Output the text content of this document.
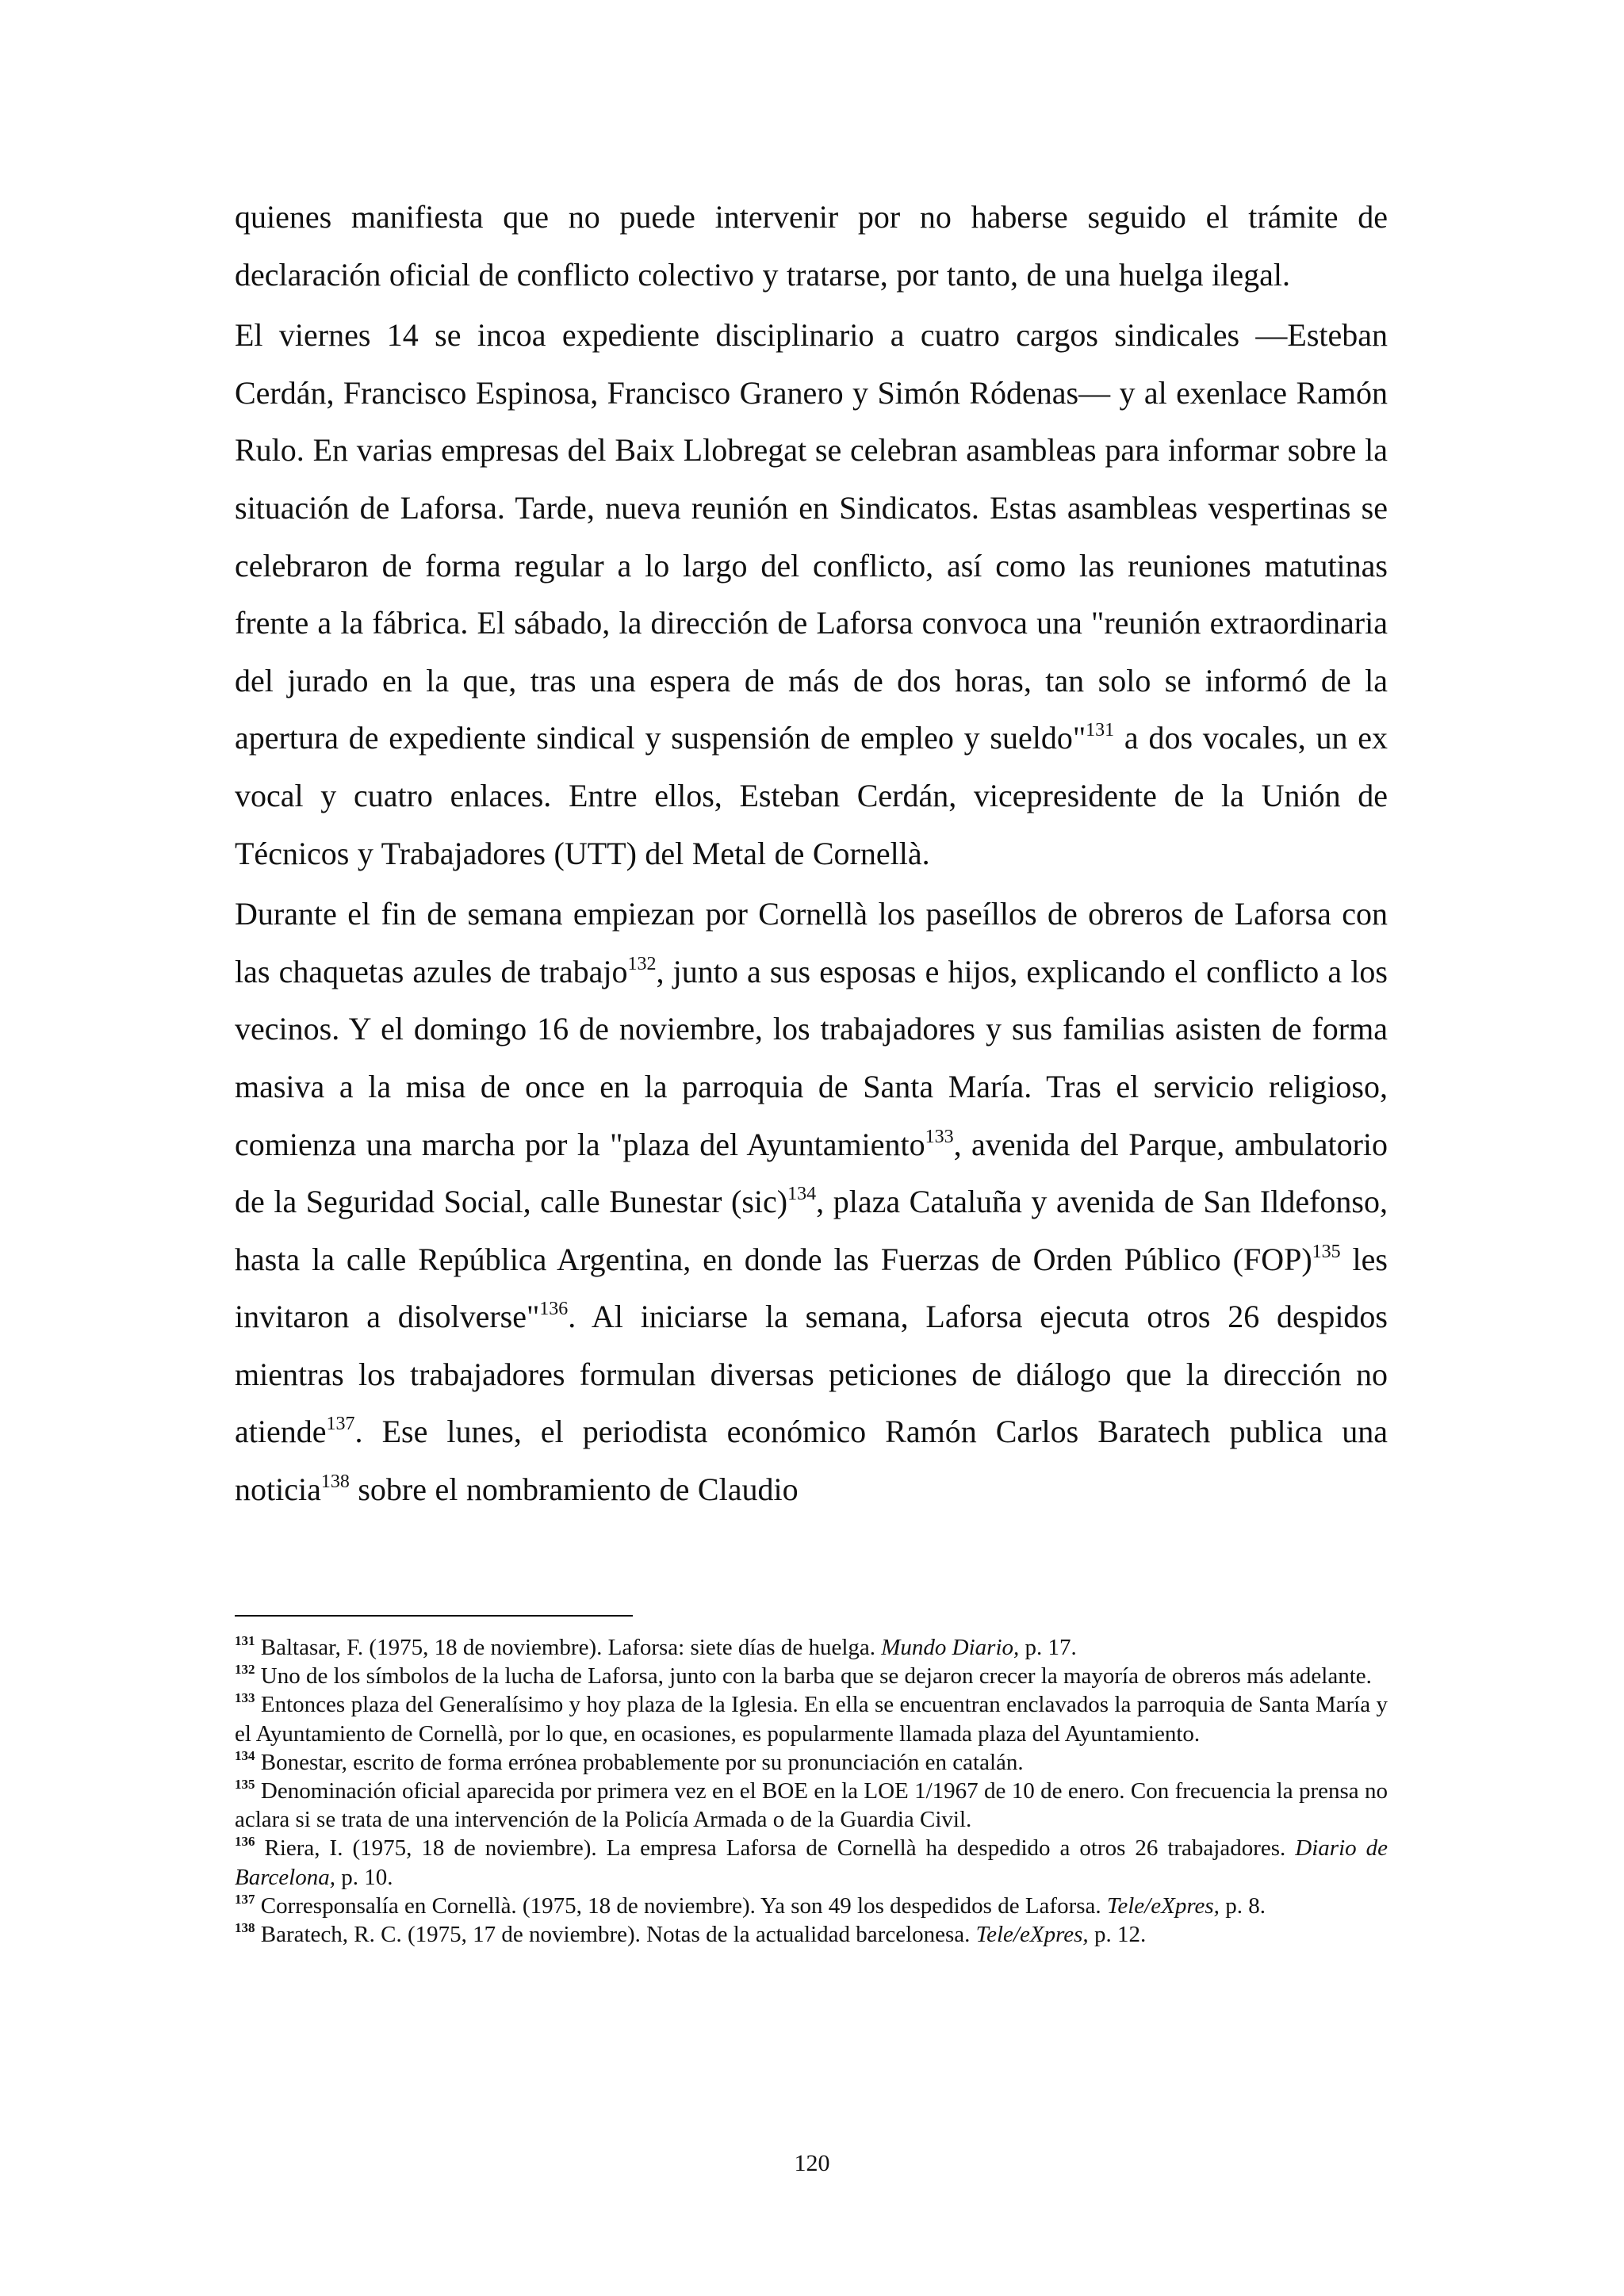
quienes manifiesta que no puede intervenir por no haberse seguido el trámite de declaración oficial de conflicto colectivo y tratarse, por tanto, de una huelga ilegal.

El viernes 14 se incoa expediente disciplinario a cuatro cargos sindicales —Esteban Cerdán, Francisco Espinosa, Francisco Granero y Simón Ródenas— y al exenlace Ramón Rulo. En varias empresas del Baix Llobregat se celebran asambleas para informar sobre la situación de Laforsa. Tarde, nueva reunión en Sindicatos. Estas asambleas vespertinas se celebraron de forma regular a lo largo del conflicto, así como las reuniones matutinas frente a la fábrica. El sábado, la dirección de Laforsa convoca una "reunión extraordinaria del jurado en la que, tras una espera de más de dos horas, tan solo se informó de la apertura de expediente sindical y suspensión de empleo y sueldo"$^{131}$ a dos vocales, un ex vocal y cuatro enlaces. Entre ellos, Esteban Cerdán, vicepresidente de la Unión de Técnicos y Trabajadores (UTT) del Metal de Cornellà.

Durante el fin de semana empiezan por Cornellà los paseíllos de obreros de Laforsa con las chaquetas azules de trabajo$^{132}$, junto a sus esposas e hijos, explicando el conflicto a los vecinos. Y el domingo 16 de noviembre, los trabajadores y sus familias asisten de forma masiva a la misa de once en la parroquia de Santa María. Tras el servicio religioso, comienza una marcha por la "plaza del Ayuntamiento$^{133}$, avenida del Parque, ambulatorio de la Seguridad Social, calle Bunestar (sic)$^{134}$, plaza Cataluña y avenida de San Ildefonso, hasta la calle República Argentina, en donde las Fuerzas de Orden Público (FOP)$^{135}$ les invitaron a disolverse"$^{136}$. Al iniciarse la semana, Laforsa ejecuta otros 26 despidos mientras los trabajadores formulan diversas peticiones de diálogo que la dirección no atiende$^{137}$. Ese lunes, el periodista económico Ramón Carlos Baratech publica una noticia$^{138}$ sobre el nombramiento de Claudio

$^{131}$ Baltasar, F. (1975, 18 de noviembre). Laforsa: siete días de huelga. Mundo Diario, p. 17.

$^{132}$ Uno de los símbolos de la lucha de Laforsa, junto con la barba que se dejaron crecer la mayoría de obreros más adelante.

$^{133}$ Entonces plaza del Generalísimo y hoy plaza de la Iglesia. En ella se encuentran enclavados la parroquia de Santa María y el Ayuntamiento de Cornellà, por lo que, en ocasiones, es popularmente llamada plaza del Ayuntamiento.

$^{134}$ Bonestar, escrito de forma errónea probablemente por su pronunciación en catalán.

$^{135}$ Denominación oficial aparecida por primera vez en el BOE en la LOE 1/1967 de 10 de enero. Con frecuencia la prensa no aclara si se trata de una intervención de la Policía Armada o de la Guardia Civil.

$^{136}$ Riera, I. (1975, 18 de noviembre). La empresa Laforsa de Cornellà ha despedido a otros 26 trabajadores. Diario de Barcelona, p. 10.

$^{137}$ Corresponsalía en Cornellà. (1975, 18 de noviembre). Ya son 49 los despedidos de Laforsa. Tele/eXpres, p. 8.

$^{138}$ Baratech, R. C. (1975, 17 de noviembre). Notas de la actualidad barcelonesa. Tele/eXpres, p. 12.

120
